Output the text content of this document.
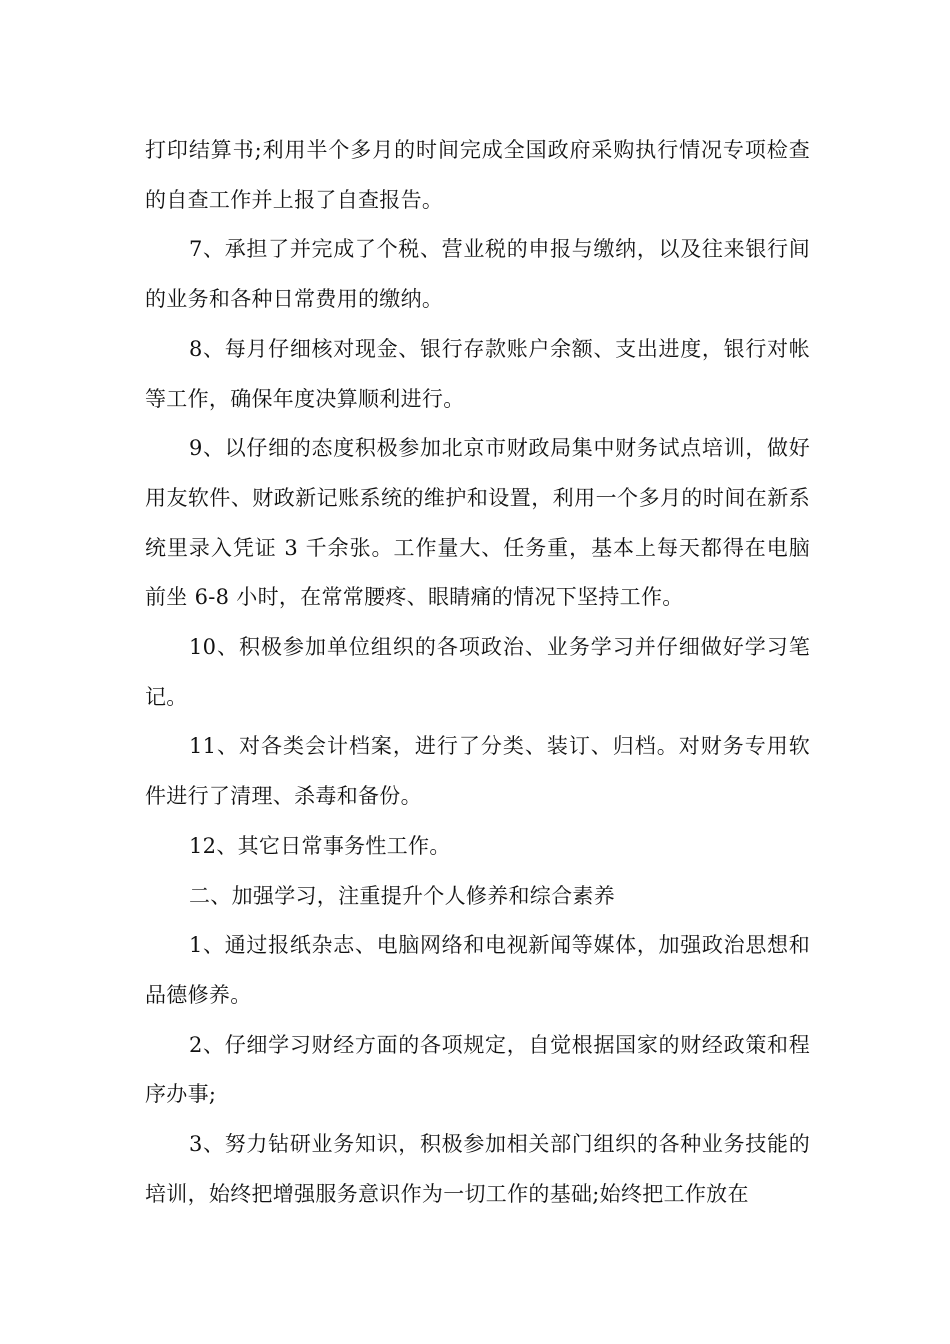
打印结算书;利用半个多月的时间完成全国政府采购执行情况专项检查的自查工作并上报了自查报告。

7、承担了并完成了个税、营业税的申报与缴纳，以及往来银行间的业务和各种日常费用的缴纳。

8、每月仔细核对现金、银行存款账户余额、支出进度，银行对帐等工作，确保年度决算顺利进行。

9、以仔细的态度积极参加北京市财政局集中财务试点培训，做好用友软件、财政新记账系统的维护和设置，利用一个多月的时间在新系统里录入凭证 3 千余张。工作量大、任务重，基本上每天都得在电脑前坐 6-8 小时，在常常腰疼、眼睛痛的情况下坚持工作。

10、积极参加单位组织的各项政治、业务学习并仔细做好学习笔记。

11、对各类会计档案，进行了分类、装订、归档。对财务专用软件进行了清理、杀毒和备份。

12、其它日常事务性工作。

二、加强学习，注重提升个人修养和综合素养

1、通过报纸杂志、电脑网络和电视新闻等媒体，加强政治思想和品德修养。

2、仔细学习财经方面的各项规定，自觉根据国家的财经政策和程序办事;

3、努力钻研业务知识，积极参加相关部门组织的各种业务技能的培训，始终把增强服务意识作为一切工作的基础;始终把工作放在
